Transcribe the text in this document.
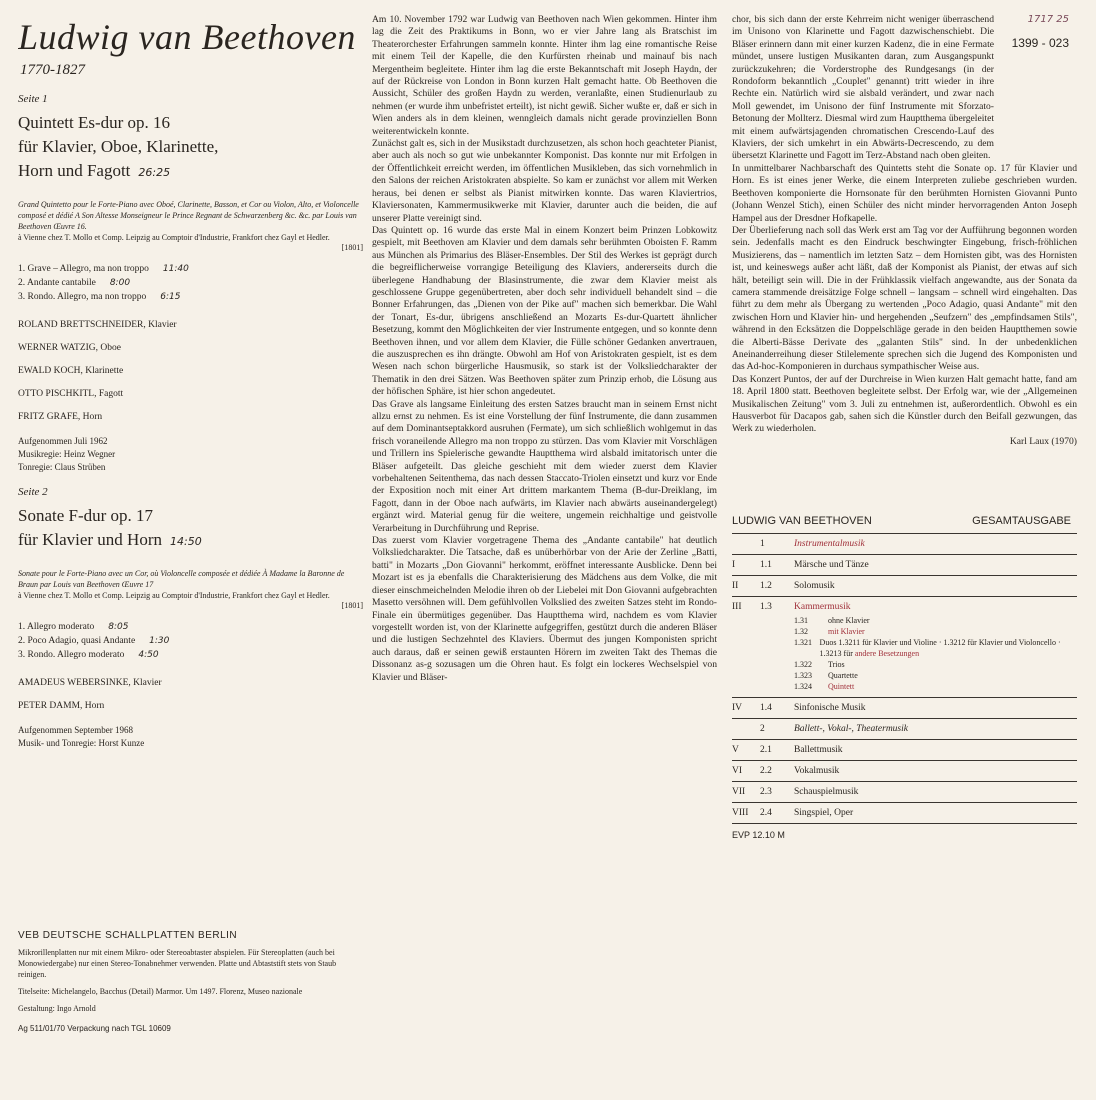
Ludwig van Beethoven
1770-1827
Seite 1
Quintett Es-dur op. 16
für Klavier, Oboe, Klarinette,
Horn und Fagott 26:25
Grand Quintetto pour le Forte-Piano avec Oboé, Clarinette, Basson, et Cor ou Violon, Alto, et Violoncelle composé et dédié A Son Altesse Monseigneur le Prince Regnant de Schwarzenberg &c. &c. par Louis van Beethoven Œuvre 16.
à Vienne chez T. Mollo et Comp. Leipzig au Comptoir d'Industrie, Frankfort chez Gayl et Hedler.
[1801]
1. Grave – Allegro, ma non troppo 11:40
2. Andante cantabile 8:00
3. Rondo. Allegro, ma non troppo 6:15
ROLAND BRETTSCHNEIDER, Klavier
WERNER WATZIG, Oboe
EWALD KOCH, Klarinette
OTTO PISCHKITL, Fagott
FRITZ GRAFE, Horn
Aufgenommen Juli 1962
Musikregie: Heinz Wegner
Tonregie: Claus Strüben
Seite 2
Sonate F-dur op. 17
für Klavier und Horn 14:50
Sonate pour le Forte-Piano avec un Cor, où Violoncelle composée et dédiée À Madame la Baronne de Braun par Louis van Beethoven Œuvre 17
à Vienne chez T. Mollo et Comp. Leipzig au Comptoir d'Industrie, Frankfort chez Gayl et Hedler.
[1801]
1. Allegro moderato 8:05
2. Poco Adagio, quasi Andante 1:30
3. Rondo. Allegro moderato 4:50
AMADEUS WEBERSINKE, Klavier
PETER DAMM, Horn
Aufgenommen September 1968
Musik- und Tonregie: Horst Kunze
VEB DEUTSCHE SCHALLPLATTEN BERLIN
Mikrorillenplatten nur mit einem Mikro- oder Stereoabtaster abspielen. Für Stereoplatten (auch bei Monowiedergabe) nur einen Stereo-Tonabnehmer verwenden. Platte und Abtaststift stets von Staub reinigen.
Titelseite: Michelangelo, Bacchus (Detail) Marmor. Um 1497. Florenz, Museo nazionale
Gestaltung: Ingo Arnold
Ag 511/01/70 Verpackung nach TGL 10609

Am 10. November 1792 war Ludwig van Beethoven nach Wien gekommen. Hinter ihm lag die Zeit des Praktikums in Bonn, wo er vier Jahre lang als Bratschist im Theaterorchester Erfahrungen sammeln konnte. Hinter ihm lag eine romantische Reise mit einem Teil der Kapelle, die den Kurfürsten rheinab und mainauf bis nach Mergentheim begleitete. Hinter ihm lag die erste Bekanntschaft mit Joseph Haydn, der auf der Rückreise von London in Bonn kurzen Halt gemacht hatte. Ob Beethoven die Aussicht, Schüler des großen Haydn zu werden, veranlaßte, einen Studienurlaub zu nehmen (er wurde ihm unbefristet erteilt), ist nicht gewiß. Sicher wußte er, daß er sich in Wien anders als in dem kleinen, wenngleich damals nicht gerade provinziellen Bonn weiterentwickeln konnte.

Zunächst galt es, sich in der Musikstadt durchzusetzen, als schon hoch geachteter Pianist, aber auch als noch so gut wie unbekannter Komponist. Das konnte nur mit Erfolgen in der Öffentlichkeit erreicht werden, im öffentlichen Musikleben, das sich vornehmlich in den Salons der reichen Aristokraten abspielte. So kam er zunächst vor allem mit Werken heraus, bei denen er selbst als Pianist mitwirken konnte. Das waren Klaviertrios, Klaviersonaten, Kammermusikwerke mit Klavier, darunter auch die beiden, die auf unserer Platte vereinigt sind.

Das Quintett op. 16 wurde das erste Mal in einem Konzert beim Prinzen Lobkowitz gespielt, mit Beethoven am Klavier und dem damals sehr berühmten Oboisten F. Ramm aus München als Primarius des Bläser-Ensembles. Der Stil des Werkes ist geprägt durch die begreiflicherweise vorrangige Beteiligung des Klaviers, andererseits durch die überlegene Handhabung der Blasinstrumente, die zwar dem Klavier meist als geschlossene Gruppe gegenübertreten, aber doch sehr individuell behandelt sind – die Bonner Erfahrungen, das „Dienen von der Pike auf" machen sich bemerkbar. Die Wahl der Tonart, Es-dur, übrigens anschließend an Mozarts Es-dur-Quartett ähnlicher Besetzung, kommt den Möglichkeiten der vier Instrumente entgegen, und so konnte denn Beethoven ihnen, und vor allem dem Klavier, die Fülle schöner Gedanken anvertrauen, die auszusprechen es ihn drängte. Obwohl am Hof von Aristokraten gespielt, ist es dem Wesen nach schon bürgerliche Hausmusik, so stark ist der Volksliedcharakter der Thematik in den drei Sätzen. Was Beethoven später zum Prinzip erhob, die Lösung aus der höfischen Sphäre, ist hier schon angedeutet.

Das Grave als langsame Einleitung des ersten Satzes braucht man in seinem Ernst nicht allzu ernst zu nehmen. Es ist eine Vorstellung der fünf Instrumente, die dann zusammen auf dem Dominantseptakkord ausruhen (Fermate), um sich schließlich wohlgemut in das frisch voraneilende Allegro ma non troppo zu stürzen. Das vom Klavier mit Vorschlägen und Trillern ins Spielerische gewandte Hauptthema wird alsbald imitatorisch unter die Bläser aufgeteilt. Das gleiche geschieht mit dem wieder zuerst dem Klavier vorbehaltenen Seitenthema, das nach dessen Staccato-Triolen einsetzt und kurz vor Ende der Exposition noch mit einer Art drittem markantem Thema (B-dur-Dreiklang, im Fagott, dann in der Oboe nach aufwärts, im Klavier nach abwärts auseinandergelegt) ergänzt wird. Material genug für die weitere, ungemein reichhaltige und geistvolle Verarbeitung in Durchführung und Reprise.

Das zuerst vom Klavier vorgetragene Thema des „Andante cantabile" hat deutlich Volksliedcharakter. Die Tatsache, daß es unüberhörbar von der Arie der Zerline „Batti, batti" in Mozarts „Don Giovanni" herkommt, eröffnet interessante Ausblicke. Denn bei Mozart ist es ja ebenfalls die Charakterisierung des Mädchens aus dem Volke, die mit dieser einschmeichelnden Melodie ihren ob der Liebelei mit Don Giovanni aufgebrachten Masetto versöhnen will. Dem gefühlvollen Volkslied des zweiten Satzes steht im Rondo-Finale ein übermütiges gegenüber. Das Hauptthema wird, nachdem es vom Klavier vorgestellt worden ist, von der Klarinette aufgegriffen, gestützt durch die anderen Bläser und die lustigen Sechzehntel des Klaviers. Übermut des jungen Komponisten spricht auch daraus, daß er seinen gewiß erstaunten Hörern im zweiten Takt des Themas die Dissonanz as-g sozusagen um die Ohren haut. Es folgt ein lockeres Wechselspiel von Klavier und Bläser-

1717 25
1399 - 023

chor, bis sich dann der erste Kehrreim nicht weniger überraschend im Unisono von Klarinette und Fagott dazwischenschiebt. Die Bläser erinnern dann mit einer kurzen Kadenz, die in eine Fermate mündet, unsere lustigen Musikanten daran, zum Ausgangspunkt zurückzukehren; die Vorderstrophe des Rundgesangs (in der Rondoform bekanntlich „Couplet" genannt) tritt wieder in ihre Rechte ein. Natürlich wird sie alsbald verändert, und zwar nach Moll gewendet, im Unisono der fünf Instrumente mit Sforzato-Betonung der Mollterz. Diesmal wird zum Hauptthema übergeleitet mit einem aufwärtsjagenden chromatischen Crescendo-Lauf des Klaviers, der sich umkehrt in ein Abwärts-Decrescendo, zu dem übersetzt Klarinette und Fagott im Terz-Abstand nach oben gleiten.

In unmittelbarer Nachbarschaft des Quintetts steht die Sonate op. 17 für Klavier und Horn. Es ist eines jener Werke, die einem Interpreten zuliebe geschrieben wurden. Beethoven komponierte die Hornsonate für den berühmten Hornisten Giovanni Punto (Johann Wenzel Stich), einen Schüler des nicht minder hervorragenden Anton Joseph Hampel aus der Dresdner Hofkapelle.

Der Überlieferung nach soll das Werk erst am Tag vor der Aufführung begonnen worden sein. Jedenfalls macht es den Eindruck beschwingter Eingebung, frisch-fröhlichen Musizierens, das – namentlich im letzten Satz – dem Hornisten gibt, was des Hornisten ist, und keineswegs außer acht läßt, daß der Komponist als Pianist, der etwas auf sich hält, beteiligt sein will. Die in der Frühklassik vielfach angewandte, aus der Sonata da camera stammende dreisätzige Folge schnell – langsam – schnell wird eingehalten. Das führt zu dem mehr als Übergang zu wertenden „Poco Adagio, quasi Andante" mit den zwischen Horn und Klavier hin- und hergehenden „Seufzern" des „empfindsamen Stils", während in den Ecksätzen die Doppelschläge gerade in den beiden Hauptthemen sowie die Alberti-Bässe Derivate des „galanten Stils" sind. In der unbedenklichen Aneinanderreihung dieser Stilelemente sprechen sich die Jugend des Komponisten und das Ad-hoc-Komponieren in durchaus sympathischer Weise aus.

Das Konzert Puntos, der auf der Durchreise in Wien kurzen Halt gemacht hatte, fand am 18. April 1800 statt. Beethoven begleitete selbst. Der Erfolg war, wie der „Allgemeinen Musikalischen Zeitung" vom 3. Juli zu entnehmen ist, außerordentlich. Obwohl es ein Hausverbot für Dacapos gab, sahen sich die Künstler durch den Beifall gezwungen, das Werk zu wiederholen.

Karl Laux (1970)
LUDWIG VAN BEETHOVEN	GESAMTAUSGABE
1	Instrumentalmusik
I	1.1	Märsche und Tänze
II	1.2	Solomusik
III	1.3	Kammermusik
1.31	ohne Klavier
1.32	mit Klavier
1.321 Duos 1.3211 für Klavier und Violine · 1.3212 für Klavier und Violoncello · 1.3213 für andere Besetzungen
1.322	Trios
1.323	Quartette
1.324	Quintett
IV	1.4	Sinfonische Musik
2	Ballett-, Vokal-, Theatermusik
V	2.1	Ballettmusik
VI	2.2	Vokalmusik
VII	2.3	Schauspielmusik
VIII	2.4	Singspiel, Oper
EVP 12.10 M
